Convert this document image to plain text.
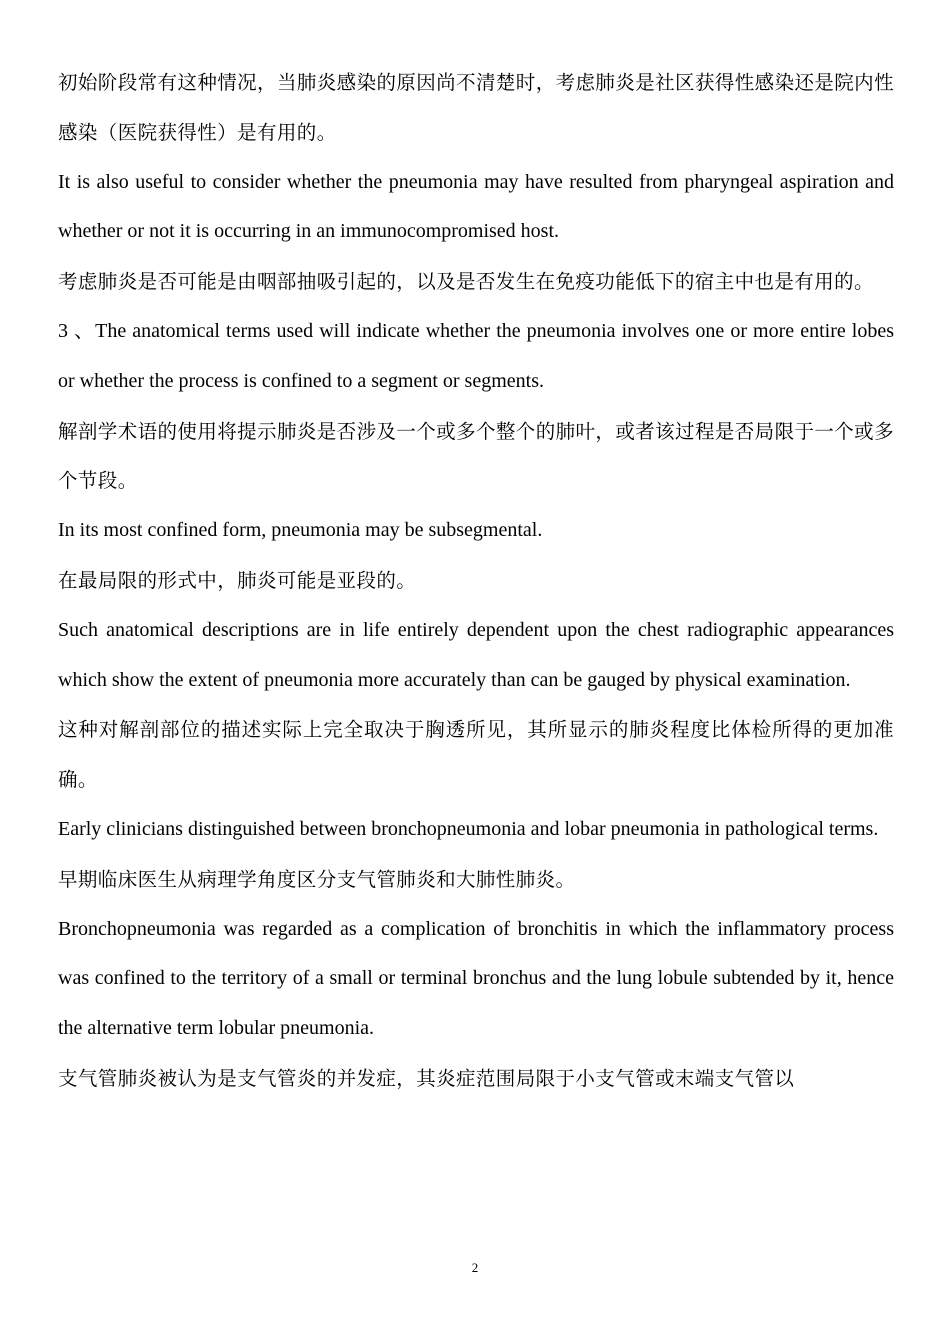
初始阶段常有这种情况，当肺炎感染的原因尚不清楚时，考虑肺炎是社区获得性感染还是院内性感染（医院获得性）是有用的。

It is also useful to consider whether the pneumonia may have resulted from pharyngeal aspiration and whether or not it is occurring in an immunocompromised host.

考虑肺炎是否可能是由咽部抽吸引起的，以及是否发生在免疫功能低下的宿主中也是有用的。

3 、The anatomical terms used will indicate whether the pneumonia involves one or more entire lobes or whether the process is confined to a segment or segments.

解剖学术语的使用将提示肺炎是否涉及一个或多个整个的肺叶，或者该过程是否局限于一个或多个节段。

In its most confined form, pneumonia may be subsegmental.

在最局限的形式中，肺炎可能是亚段的。

Such anatomical descriptions are in life entirely dependent upon the chest radiographic appearances which show the extent of pneumonia more accurately than can be gauged by physical examination.

这种对解剖部位的描述实际上完全取决于胸透所见，其所显示的肺炎程度比体检所得的更加准确。

Early clinicians distinguished between bronchopneumonia and lobar pneumonia in pathological terms.

早期临床医生从病理学角度区分支气管肺炎和大肺性肺炎。

Bronchopneumonia was regarded as a complication of bronchitis in which the inflammatory process was confined to the territory of a small or terminal bronchus and the lung lobule subtended by it, hence the alternative term lobular pneumonia.

支气管肺炎被认为是支气管炎的并发症，其炎症范围局限于小支气管或末端支气管以

2
